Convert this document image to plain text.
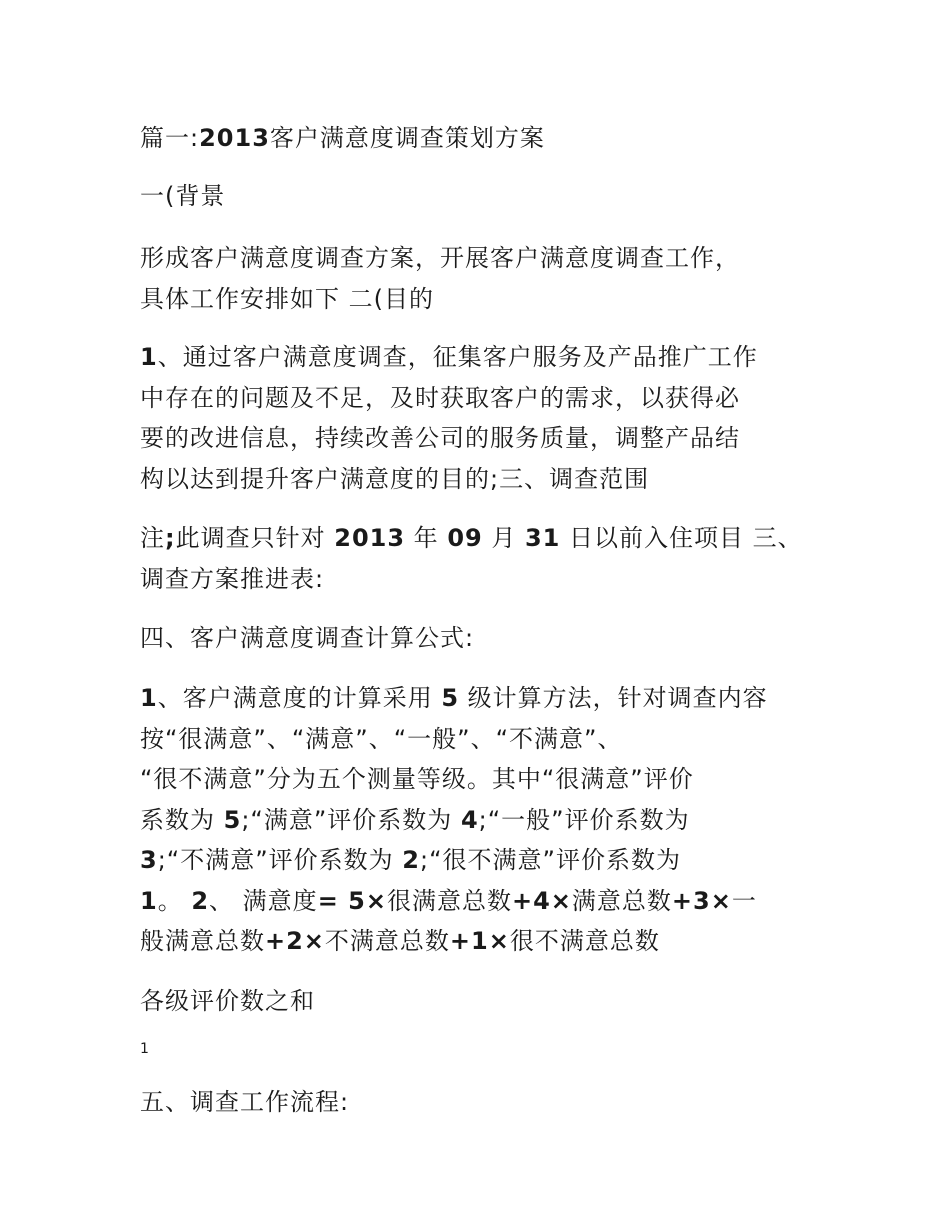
篇一:2013客户满意度调查策划方案

一(背景

形成客户满意度调查方案，开展客户满意度调查工作，
具体工作安排如下 二(目的

1、通过客户满意度调查，征集客户服务及产品推广工作
中存在的问题及不足，及时获取客户的需求，以获得必
要的改进信息，持续改善公司的服务质量，调整产品结
构以达到提升客户满意度的目的;三、调查范围

注;此调查只针对 2013 年 09 月 31 日以前入住项目 三、
调查方案推进表:

四、客户满意度调查计算公式:

1、客户满意度的计算采用 5 级计算方法，针对调查内容
按“很满意”、“满意”、“一般”、“不满意”、
“很不满意”分为五个测量等级。其中“很满意”评价
系数为 5;“满意”评价系数为 4;“一般”评价系数为
3;“不满意”评价系数为 2;“很不满意”评价系数为
1。 2、 满意度= 5×很满意总数+4×满意总数+3×一
般满意总数+2×不满意总数+1×很不满意总数

各级评价数之和

1

五、调查工作流程:
